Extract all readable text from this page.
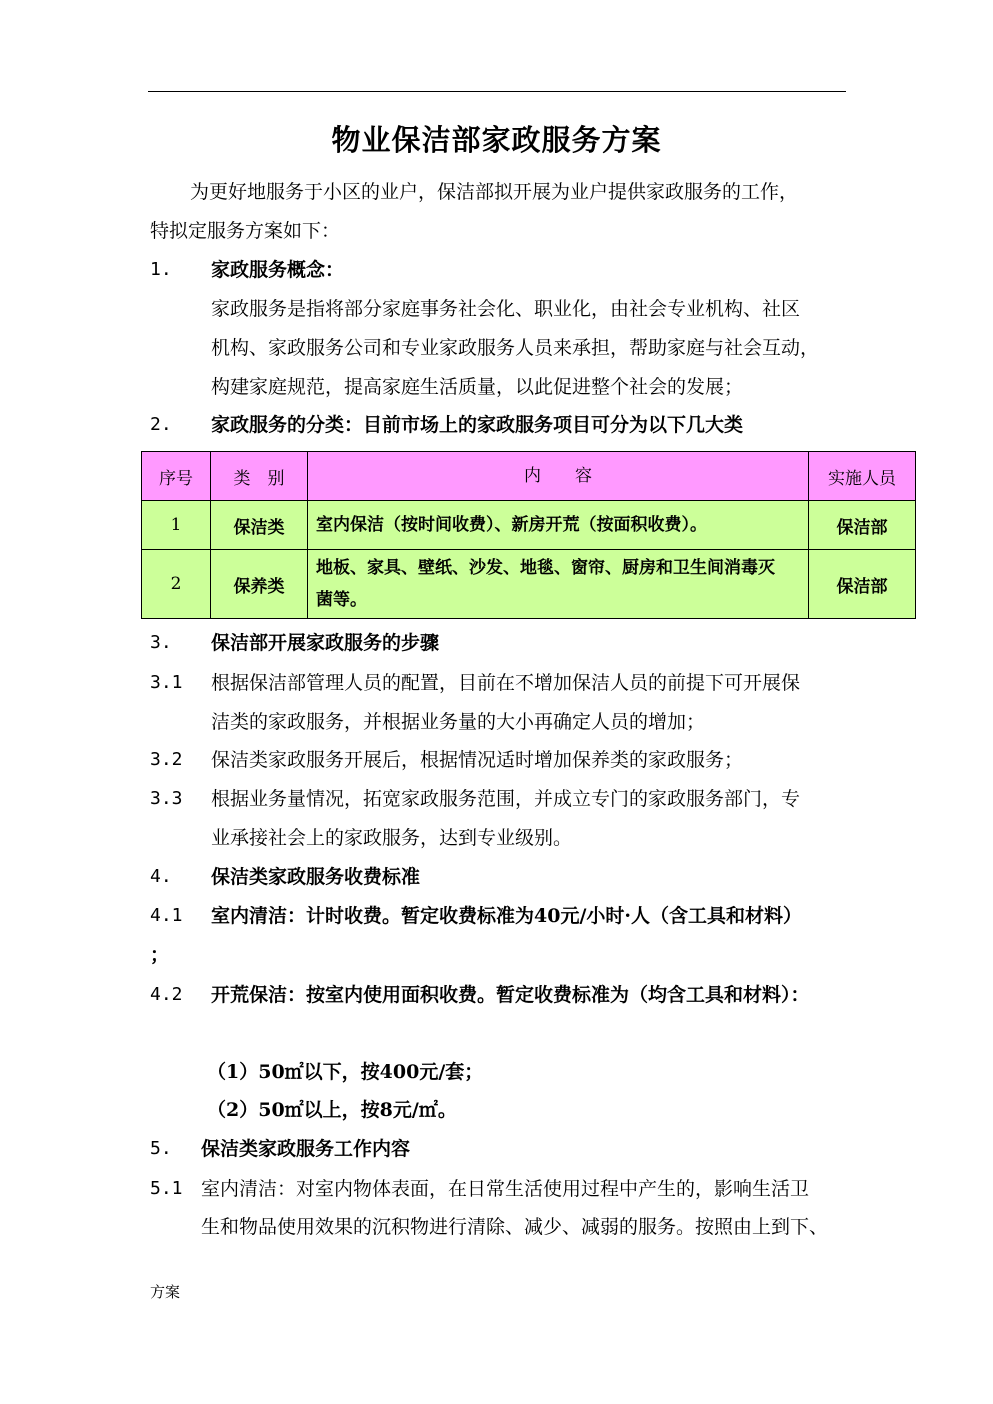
物业保洁部家政服务方案
为更好地服务于小区的业户，保洁部拟开展为业户提供家政服务的工作，
特拟定服务方案如下：
1. 家政服务概念：
家政服务是指将部分家庭事务社会化、职业化，由社会专业机构、社区
机构、家政服务公司和专业家政服务人员来承担，帮助家庭与社会互动，
构建家庭规范，提高家庭生活质量，以此促进整个社会的发展；
2. 家政服务的分类：目前市场上的家政服务项目可分为以下几大类
序号	类　别	内　　容	实施人员
1	保洁类	室内保洁（按时间收费）、新房开荒（按面积收费）。	保洁部
2	保养类	地板、家具、壁纸、沙发、地毯、窗帘、厨房和卫生间消毒灭
菌等。	保洁部
3. 保洁部开展家政服务的步骤
3.1 根据保洁部管理人员的配置，目前在不增加保洁人员的前提下可开展保
洁类的家政服务，并根据业务量的大小再确定人员的增加；
3.2 保洁类家政服务开展后，根据情况适时增加保养类的家政服务；
3.3 根据业务量情况，拓宽家政服务范围，并成立专门的家政服务部门，专
业承接社会上的家政服务，达到专业级别。
4. 保洁类家政服务收费标准
4.1 室内清洁：计时收费。暂定收费标准为40元/小时·人（含工具和材料）
；
4.2 开荒保洁：按室内使用面积收费。暂定收费标准为（均含工具和材料）：
（1）50㎡以下，按400元/套；
（2）50㎡以上，按8元/㎡。
5. 保洁类家政服务工作内容
5.1 室内清洁：对室内物体表面，在日常生活使用过程中产生的，影响生活卫
生和物品使用效果的沉积物进行清除、减少、减弱的服务。按照由上到下、
方案
